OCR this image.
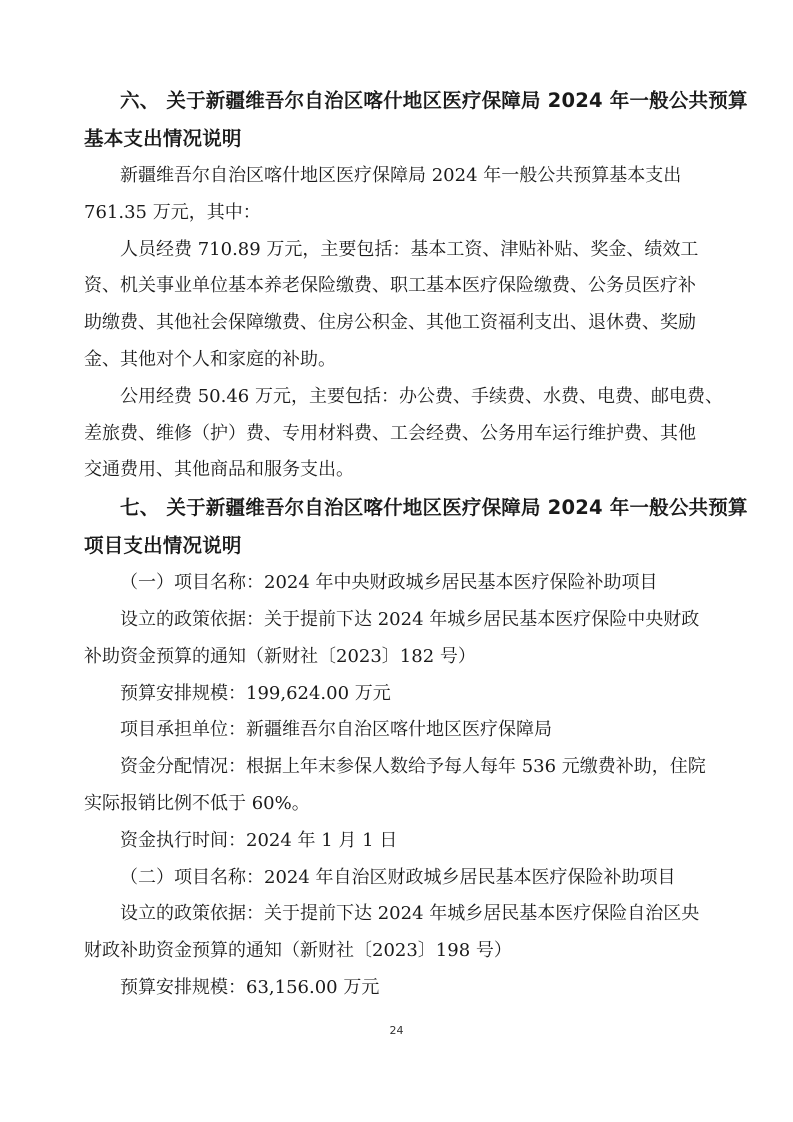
六、 关于新疆维吾尔自治区喀什地区医疗保障局 2024 年一般公共预算
基本支出情况说明
新疆维吾尔自治区喀什地区医疗保障局 2024 年一般公共预算基本支出
761.35 万元，其中：
人员经费 710.89 万元，主要包括：基本工资、津贴补贴、奖金、绩效工
资、机关事业单位基本养老保险缴费、职工基本医疗保险缴费、公务员医疗补
助缴费、其他社会保障缴费、住房公积金、其他工资福利支出、退休费、奖励
金、其他对个人和家庭的补助。
公用经费 50.46 万元，主要包括：办公费、手续费、水费、电费、邮电费、
差旅费、维修（护）费、专用材料费、工会经费、公务用车运行维护费、其他
交通费用、其他商品和服务支出。
七、 关于新疆维吾尔自治区喀什地区医疗保障局 2024 年一般公共预算
项目支出情况说明
（一）项目名称：2024 年中央财政城乡居民基本医疗保险补助项目
设立的政策依据：关于提前下达 2024 年城乡居民基本医疗保险中央财政
补助资金预算的通知（新财社〔2023〕182 号）
预算安排规模：199,624.00 万元
项目承担单位：新疆维吾尔自治区喀什地区医疗保障局
资金分配情况：根据上年末参保人数给予每人每年 536 元缴费补助，住院
实际报销比例不低于 60%。
资金执行时间：2024 年 1 月 1 日
（二）项目名称：2024 年自治区财政城乡居民基本医疗保险补助项目
设立的政策依据：关于提前下达 2024 年城乡居民基本医疗保险自治区央
财政补助资金预算的通知（新财社〔2023〕198 号）
预算安排规模：63,156.00 万元
24
